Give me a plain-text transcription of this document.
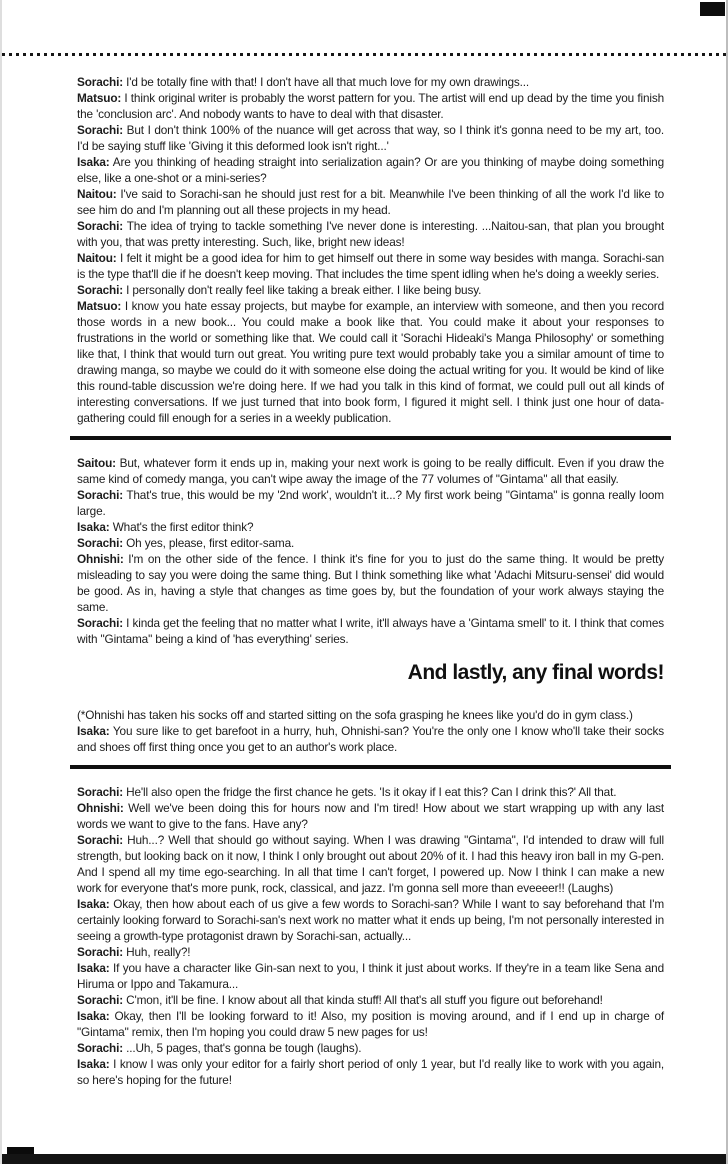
Sorachi: I'd be totally fine with that! I don't have all that much love for my own drawings...

Matsuo: I think original writer is probably the worst pattern for you. The artist will end up dead by the time you finish the 'conclusion arc'. And nobody wants to have to deal with that disaster.

Sorachi: But I don't think 100% of the nuance will get across that way, so I think it's gonna need to be my art, too. I'd be saying stuff like 'Giving it this deformed look isn't right...'

Isaka: Are you thinking of heading straight into serialization again? Or are you thinking of maybe doing something else, like a one-shot or a mini-series?

Naitou: I've said to Sorachi-san he should just rest for a bit. Meanwhile I've been thinking of all the work I'd like to see him do and I'm planning out all these projects in my head.

Sorachi: The idea of trying to tackle something I've never done is interesting. ...Naitou-san, that plan you brought with you, that was pretty interesting. Such, like, bright new ideas!

Naitou: I felt it might be a good idea for him to get himself out there in some way besides with manga. Sorachi-san is the type that'll die if he doesn't keep moving. That includes the time spent idling when he's doing a weekly series.

Sorachi: I personally don't really feel like taking a break either. I like being busy.

Matsuo: I know you hate essay projects, but maybe for example, an interview with someone, and then you record those words in a new book... You could make a book like that. You could make it about your responses to frustrations in the world or something like that. We could call it 'Sorachi Hideaki's Manga Philosophy' or something like that, I think that would turn out great. You writing pure text would probably take you a similar amount of time to drawing manga, so maybe we could do it with someone else doing the actual writing for you. It would be kind of like this round-table discussion we're doing here. If we had you talk in this kind of format, we could pull out all kinds of interesting conversations. If we just turned that into book form, I figured it might sell. I think just one hour of data-gathering could fill enough for a series in a weekly publication.

Saitou: But, whatever form it ends up in, making your next work is going to be really difficult. Even if you draw the same kind of comedy manga, you can't wipe away the image of the 77 volumes of "Gintama" all that easily.

Sorachi: That's true, this would be my '2nd work', wouldn't it...? My first work being "Gintama" is gonna really loom large.

Isaka: What's the first editor think?

Sorachi: Oh yes, please, first editor-sama.

Ohnishi: I'm on the other side of the fence. I think it's fine for you to just do the same thing. It would be pretty misleading to say you were doing the same thing. But I think something like what 'Adachi Mitsuru-sensei' did would be good. As in, having a style that changes as time goes by, but the foundation of your work always staying the same.

Sorachi: I kinda get the feeling that no matter what I write, it'll always have a 'Gintama smell' to it. I think that comes with "Gintama" being a kind of 'has everything' series.

And lastly, any final words!

(*Ohnishi has taken his socks off and started sitting on the sofa grasping he knees like you'd do in gym class.)

Isaka: You sure like to get barefoot in a hurry, huh, Ohnishi-san? You're the only one I know who'll take their socks and shoes off first thing once you get to an author's work place.

Sorachi: He'll also open the fridge the first chance he gets. 'Is it okay if I eat this? Can I drink this?' All that.

Ohnishi: Well we've been doing this for hours now and I'm tired! How about we start wrapping up with any last words we want to give to the fans. Have any?

Sorachi: Huh...? Well that should go without saying. When I was drawing "Gintama", I'd intended to draw will full strength, but looking back on it now, I think I only brought out about 20% of it. I had this heavy iron ball in my G-pen. And I spend all my time ego-searching. In all that time I can't forget, I powered up. Now I think I can make a new work for everyone that's more punk, rock, classical, and jazz. I'm gonna sell more than eveeeer!! (Laughs)

Isaka: Okay, then how about each of us give a few words to Sorachi-san? While I want to say beforehand that I'm certainly looking forward to Sorachi-san's next work no matter what it ends up being, I'm not personally interested in seeing a growth-type protagonist drawn by Sorachi-san, actually...

Sorachi: Huh, really?!

Isaka: If you have a character like Gin-san next to you, I think it just about works. If they're in a team like Sena and Hiruma or Ippo and Takamura...

Sorachi: C'mon, it'll be fine. I know about all that kinda stuff! All that's all stuff you figure out beforehand!

Isaka: Okay, then I'll be looking forward to it! Also, my position is moving around, and if I end up in charge of "Gintama" remix, then I'm hoping you could draw 5 new pages for us!

Sorachi: ...Uh, 5 pages, that's gonna be tough (laughs).

Isaka: I know I was only your editor for a fairly short period of only 1 year, but I'd really like to work with you again, so here's hoping for the future!
